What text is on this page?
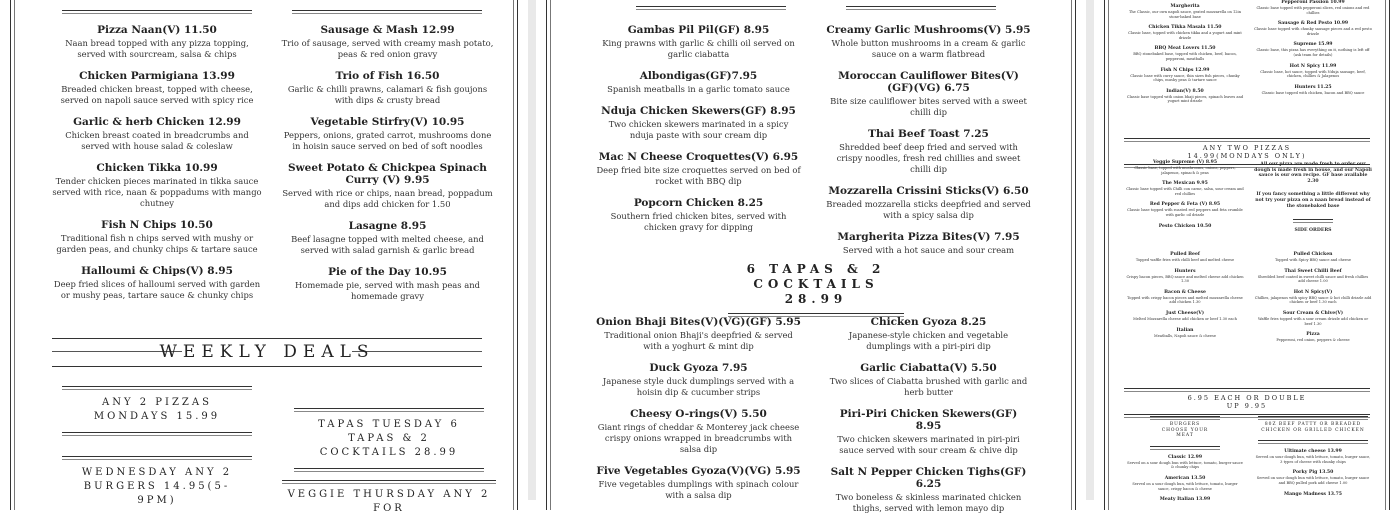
Pizza Naan(V) 11.50
Naan bread topped with any pizza topping, served with sourcream, salsa & chips
Chicken Parmigiana 13.99
Breaded chicken breast, topped with cheese, served on napoli sauce served with spicy rice
Garlic & herb Chicken 12.99
Chicken breast coated in breadcrumbs and served with house salad & coleslaw
Chicken Tikka 10.99
Tender chicken pieces marinated in tikka sauce served with rice, naan & poppadums with mango chutney
Fish N Chips 10.50
Traditional fish n chips served with mushy or garden peas, and chunky chips & tartare sauce
Halloumi & Chips(V) 8.95
Deep fried slices of halloumi served with garden or mushy peas, tartare sauce & chunky chips
Sausage & Mash 12.99
Trio of sausage, served with creamy mash potato, peas & red onion gravy
Trio of Fish 16.50
Garlic & chilli prawns, calamari & fish goujons with dips & crusty bread
Vegetable Stirfry(V) 10.95
Peppers, onions, grated carrot, mushrooms done in hoisin sauce served on bed of soft noodles
Sweet Potato & Chickpea Spinach Curry (V) 9.95
Served with rice or chips, naan bread, poppadum and dips add chicken for 1.50
Lasagne 8.95
Beef lasagne topped with melted cheese, and served with salad garnish & garlic bread
Pie of the Day 10.95
Homemade pie, served with mash peas and homemade gravy
WEEKLY DEALS
ANY 2 PIZZAS MONDAYS 15.99
WEDNESDAY ANY 2 BURGERS 14.95(5-9PM)
TAPAS TUESDAY 6 TAPAS & 2 COCKTAILS 28.99
VEGGIE THURSDAY ANY 2 FOR
Gambas Pil Pil(GF) 8.95
King prawns with garlic & chilli oil served on garlic ciabatta
Albondigas(GF)7.95
Spanish meatballs in a garlic tomato sauce
Nduja Chicken Skewers(GF) 8.95
Two chicken skewers marinated in a spicy nduja paste with sour cream dip
Mac N Cheese Croquettes(V) 6.95
Deep fried bite size croquettes served on bed of rocket with BBQ dip
Popcorn Chicken 8.25
Southern fried chicken bites, served with chicken gravy for dipping
Creamy Garlic Mushrooms(V) 5.95
Whole button mushrooms in a cream & garlic sauce on a warm flatbread
Moroccan Cauliflower Bites(V)(GF)(VG) 6.75
Bite size cauliflower bites served with a sweet chilli dip
Thai Beef Toast 7.25
Shredded beef deep fried and served with crispy noodles, fresh red chillies and sweet chilli dip
Mozzarella Crissini Sticks(V) 6.50
Breaded mozzarella sticks deepfried and served with a spicy salsa dip
Margherita Pizza Bites(V) 7.95
Served with a hot sauce and sour cream
6 TAPAS & 2 COCKTAILS 28.99
Onion Bhaji Bites(V)(VG)(GF) 5.95
Traditional onion Bhaji's deepfried & served with a yoghurt & mint dip
Duck Gyoza 7.95
Japanese style duck dumplings served with a hoisin dip & cucumber strips
Cheesy O-rings(V) 5.50
Giant rings of cheddar & Monterey jack cheese crispy onions wrapped in breadcrumbs with salsa dip
Five Vegetables Gyoza(V)(VG) 5.95
Five vegetables dumplings with spinach colour with a salsa dip
Chicken Gyoza 8.25
Japanese-style chicken and vegetable dumplings with a piri-piri dip
Garlic Ciabatta(V) 5.50
Two slices of Ciabatta brushed with garlic and herb butter
Piri-Piri Chicken Skewers(GF) 8.95
Two chicken skewers marinated in piri-piri sauce served with sour cream & chive dip
Salt N Pepper Chicken Tighs(GF) 6.25
Two boneless & skinless marinated chicken thighs, served with lemon mayo dip
Margherita
The Classic, our own napoli sauce, grated mozzarella on 12in stone-baked base
Chicken Tikka Masala 11.50
Classic base, topped with chicken tikka and a yogurt and mint drizzle
BBQ Meat Lovers 11.50
BBQ stonebaked base, topped with chicken, beef, bacon, pepperoni, meatballs
Fish N Chips 12.99
Classic base with curry sauce, thin sizes fish pieces, chunky chips, mushy peas & tartare sauce
Indian(V) 8.50
Classic base topped with onion bhaji pieces, spinach leaves and yogurt mint drizzle
Pepperoni Passion 10.99
Classic base topped with pepperoni slices, red onions and red chillies
Sausage & Red Pesto 10.99
Classic base topped with chunky sausage pieces and a red pesto drizzle
Supreme 15.99
Classic base, this pizza has everything on it, nothing is left off (ask team for details)
Hot N Spicy 11.99
Classic base, hot sauce, topped with Nduja sausage, beef, chicken, chillies & Jalapenos
Hunters 11.25
Classic base topped with chicken, bacon and BBQ sauce
ANY TWO PIZZAS 14.99(MONDAYS ONLY)
Veggie Supreme (V) 8.95
Classic base, topped with mushrooms, onions, peppers, jalapenos, spinach & peas
The Mexican 9.95
Classic base topped with Chilli con carne, salsa, sour cream and red chillies
Red Pepper & Feta (V) 8.95
Classic base topped with roasted red peppers and feta crumble with garlic oil drizzle
Pesto Chicken 10.50
All our pizza are made fresh to order our dough is made fresh in house, and our Napoli sauce is our own recipe. GF base available 2.30
If you fancy something a little different why not try your pizza on a naan bread instead of the stonebaked base
SIDE ORDERS
Pulled Beef
Topped waffle fries with chilli beef and melted cheese
Hunters
Crispy bacon pieces, BBQ sauce and melted cheese add chicken 1.30
Bacon & Cheese
Topped with crispy bacon pieces and melted mozzarella cheese add chicken 1.30
Just Cheese(V)
Melted Mozzarella cheese add chicken or beef 1.30 each
Italian
Meatballs, Napoli sauce & cheese
Pulled Chicken
Topped with Spicy BBQ sauce and cheese
Thai Sweet Chilli Beef
Shredded beef coated in sweet chilli sauce and fresh chillies add cheese 1.00
Hot N Spicy(V)
Chillies, jalapenos with spicy BBQ sauce & hot chilli drizzle add chicken or beef 1.30 each
Sour Cream & Chive(V)
Waffle fries topped with a sour cream drizzle add chicken or beef 1.30
Pizza
Pepperoni, red onion, peppers & cheese
6.95 EACH OR DOUBLE UP 9.95
BURGERS CHOOSE YOUR MEAT
Classic 12.99
Served on a sour dough bun with lettuce, tomato, burger sauce & chunky chips
American 13.50
Served on a sour dough bun, with lettuce, tomato, burger sauce, crispy bacon & cheese
Meaty Italian 13.99
80Z BEEF PATTY OR BREADED CHICKEN OR GRILLED CHICKEN
Ultimate cheese 13.99
Served on sour dough bun, with lettuce, tomato, burger sauce, 3 types of cheese with chunky chips
Porky Pig 13.50
Served on sour dough bun with lettuce, tomato, burger sauce and BBQ pulled pork add cheese 1.00
Mango Madness 13.75
